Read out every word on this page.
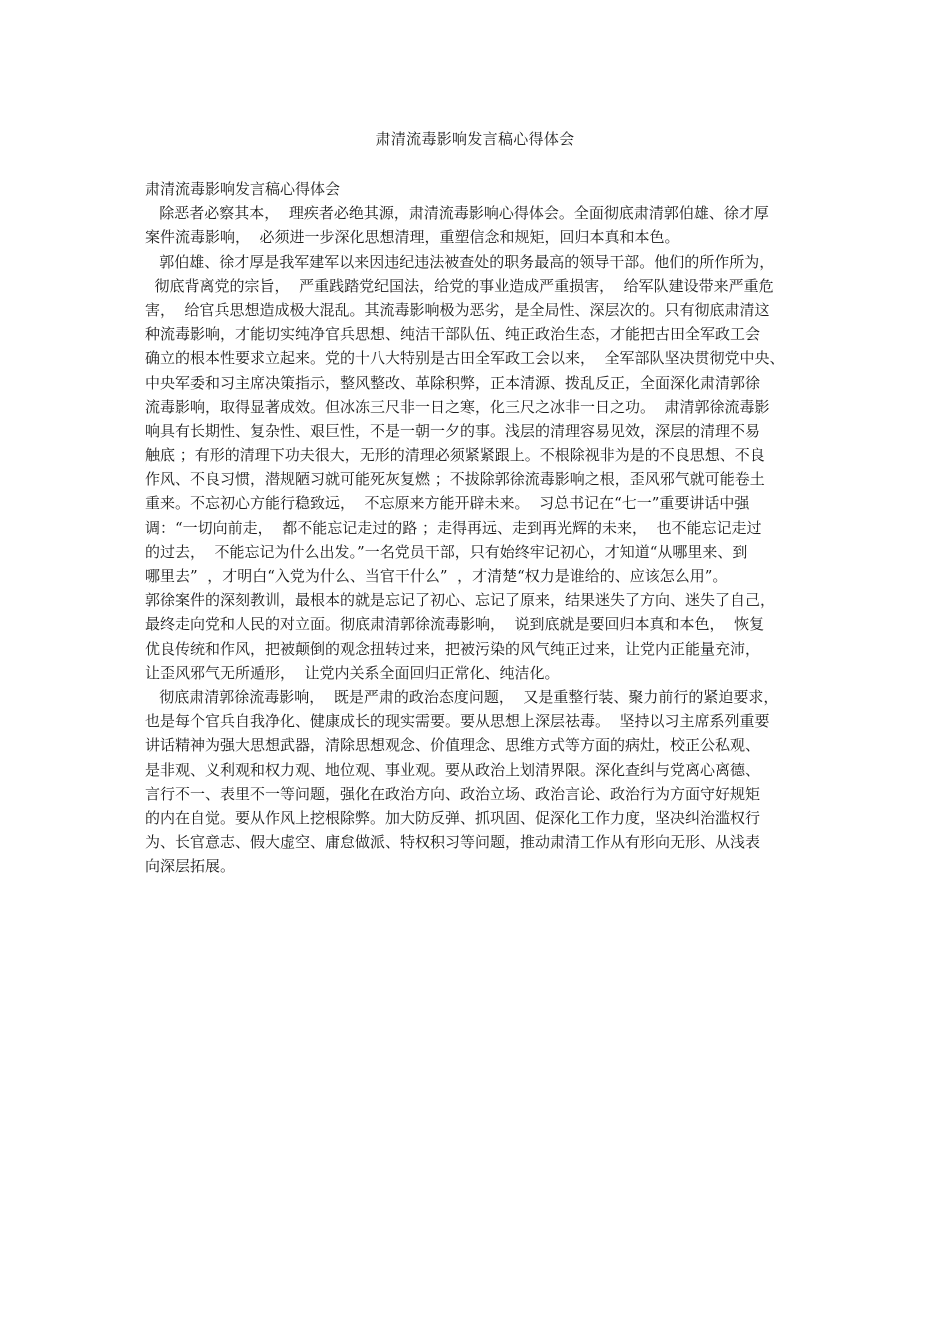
肃清流毒影响发言稿心得体会
肃清流毒影响发言稿心得体会
除恶者必察其本，  理疾者必绝其源，肃清流毒影响心得体会。全面彻底肃清郭伯雄、徐才厚
案件流毒影响，  必须进一步深化思想清理，重塑信念和规矩，回归本真和本色。
郭伯雄、徐才厚是我军建军以来因违纪违法被查处的职务最高的领导干部。他们的所作所为，
彻底背离党的宗旨，  严重践踏党纪国法，给党的事业造成严重损害，  给军队建设带来严重危
害，  给官兵思想造成极大混乱。其流毒影响极为恶劣，是全局性、深层次的。只有彻底肃清这
种流毒影响，才能切实纯净官兵思想、纯洁干部队伍、纯正政治生态，才能把古田全军政工会
确立的根本性要求立起来。党的十八大特别是古田全军政工会以来，  全军部队坚决贯彻党中央、
中央军委和习主席决策指示，整风整改、革除积弊，正本清源、拨乱反正，全面深化肃清郭徐
流毒影响，取得显著成效。但冰冻三尺非一日之寒，化三尺之冰非一日之功。  肃清郭徐流毒影
响具有长期性、复杂性、艰巨性，不是一朝一夕的事。浅层的清理容易见效，深层的清理不易
触底 ；有形的清理下功夫很大，无形的清理必须紧紧跟上。不根除视非为是的不良思想、不良
作风、不良习惯，潜规陋习就可能死灰复燃 ；不拔除郭徐流毒影响之根，歪风邪气就可能卷土
重来。不忘初心方能行稳致远，  不忘原来方能开辟未来。  习总书记在“七一”重要讲话中强
调：“一切向前走，  都不能忘记走过的路 ；走得再远、走到再光辉的未来，  也不能忘记走过
的过去，  不能忘记为什么出发。”一名党员干部，只有始终牢记初心，才知道“从哪里来、到
哪里去”  ，才明白“入党为什么、当官干什么”  ，才清楚“权力是谁给的、应该怎么用”。
郭徐案件的深刻教训，最根本的就是忘记了初心、忘记了原来，结果迷失了方向、迷失了自己，
最终走向党和人民的对立面。彻底肃清郭徐流毒影响，  说到底就是要回归本真和本色，  恢复
优良传统和作风，把被颠倒的观念扭转过来，把被污染的风气纯正过来，让党内正能量充沛，
让歪风邪气无所遁形，  让党内关系全面回归正常化、纯洁化。
彻底肃清郭徐流毒影响，  既是严肃的政治态度问题，  又是重整行装、聚力前行的紧迫要求，
也是每个官兵自我净化、健康成长的现实需要。要从思想上深层祛毒。  坚持以习主席系列重要
讲话精神为强大思想武器，清除思想观念、价值理念、思维方式等方面的病灶，校正公私观、
是非观、义利观和权力观、地位观、事业观。要从政治上划清界限。深化查纠与党离心离德、
言行不一、表里不一等问题，强化在政治方向、政治立场、政治言论、政治行为方面守好规矩
的内在自觉。要从作风上挖根除弊。加大防反弹、抓巩固、促深化工作力度，坚决纠治滥权行
为、长官意志、假大虚空、庸怠做派、特权积习等问题，推动肃清工作从有形向无形、从浅表
向深层拓展。
